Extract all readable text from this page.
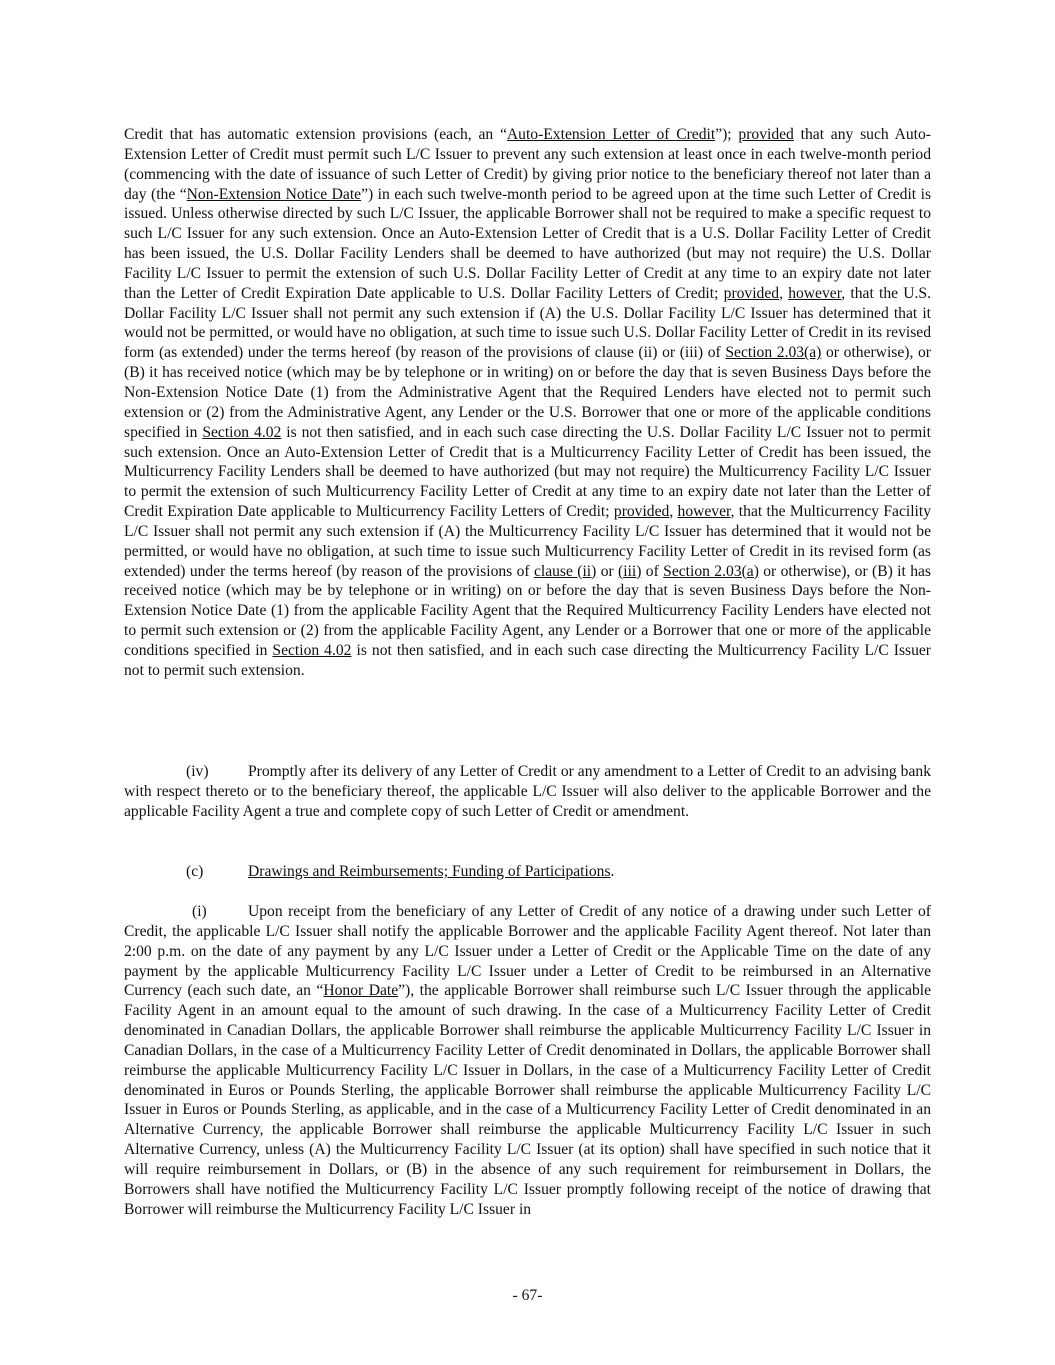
Credit that has automatic extension provisions (each, an “Auto-Extension Letter of Credit”); provided that any such Auto-Extension Letter of Credit must permit such L/C Issuer to prevent any such extension at least once in each twelve-month period (commencing with the date of issuance of such Letter of Credit) by giving prior notice to the beneficiary thereof not later than a day (the “Non-Extension Notice Date”) in each such twelve-month period to be agreed upon at the time such Letter of Credit is issued. Unless otherwise directed by such L/C Issuer, the applicable Borrower shall not be required to make a specific request to such L/C Issuer for any such extension. Once an Auto-Extension Letter of Credit that is a U.S. Dollar Facility Letter of Credit has been issued, the U.S. Dollar Facility Lenders shall be deemed to have authorized (but may not require) the U.S. Dollar Facility L/C Issuer to permit the extension of such U.S. Dollar Facility Letter of Credit at any time to an expiry date not later than the Letter of Credit Expiration Date applicable to U.S. Dollar Facility Letters of Credit; provided, however, that the U.S. Dollar Facility L/C Issuer shall not permit any such extension if (A) the U.S. Dollar Facility L/C Issuer has determined that it would not be permitted, or would have no obligation, at such time to issue such U.S. Dollar Facility Letter of Credit in its revised form (as extended) under the terms hereof (by reason of the provisions of clause (ii) or (iii) of Section 2.03(a) or otherwise), or (B) it has received notice (which may be by telephone or in writing) on or before the day that is seven Business Days before the Non-Extension Notice Date (1) from the Administrative Agent that the Required Lenders have elected not to permit such extension or (2) from the Administrative Agent, any Lender or the U.S. Borrower that one or more of the applicable conditions specified in Section 4.02 is not then satisfied, and in each such case directing the U.S. Dollar Facility L/C Issuer not to permit such extension. Once an Auto-Extension Letter of Credit that is a Multicurrency Facility Letter of Credit has been issued, the Multicurrency Facility Lenders shall be deemed to have authorized (but may not require) the Multicurrency Facility L/C Issuer to permit the extension of such Multicurrency Facility Letter of Credit at any time to an expiry date not later than the Letter of Credit Expiration Date applicable to Multicurrency Facility Letters of Credit; provided, however, that the Multicurrency Facility L/C Issuer shall not permit any such extension if (A) the Multicurrency Facility L/C Issuer has determined that it would not be permitted, or would have no obligation, at such time to issue such Multicurrency Facility Letter of Credit in its revised form (as extended) under the terms hereof (by reason of the provisions of clause (ii) or (iii) of Section 2.03(a) or otherwise), or (B) it has received notice (which may be by telephone or in writing) on or before the day that is seven Business Days before the Non-Extension Notice Date (1) from the applicable Facility Agent that the Required Multicurrency Facility Lenders have elected not to permit such extension or (2) from the applicable Facility Agent, any Lender or a Borrower that one or more of the applicable conditions specified in Section 4.02 is not then satisfied, and in each such case directing the Multicurrency Facility L/C Issuer not to permit such extension.

(iv)	Promptly after its delivery of any Letter of Credit or any amendment to a Letter of Credit to an advising bank with respect thereto or to the beneficiary thereof, the applicable L/C Issuer will also deliver to the applicable Borrower and the applicable Facility Agent a true and complete copy of such Letter of Credit or amendment.

(c)	Drawings and Reimbursements; Funding of Participations.

(i)	Upon receipt from the beneficiary of any Letter of Credit of any notice of a drawing under such Letter of Credit, the applicable L/C Issuer shall notify the applicable Borrower and the applicable Facility Agent thereof. Not later than 2:00 p.m. on the date of any payment by any L/C Issuer under a Letter of Credit or the Applicable Time on the date of any payment by the applicable Multicurrency Facility L/C Issuer under a Letter of Credit to be reimbursed in an Alternative Currency (each such date, an “Honor Date”), the applicable Borrower shall reimburse such L/C Issuer through the applicable Facility Agent in an amount equal to the amount of such drawing. In the case of a Multicurrency Facility Letter of Credit denominated in Canadian Dollars, the applicable Borrower shall reimburse the applicable Multicurrency Facility L/C Issuer in Canadian Dollars, in the case of a Multicurrency Facility Letter of Credit denominated in Dollars, the applicable Borrower shall reimburse the applicable Multicurrency Facility L/C Issuer in Dollars, in the case of a Multicurrency Facility Letter of Credit denominated in Euros or Pounds Sterling, the applicable Borrower shall reimburse the applicable Multicurrency Facility L/C Issuer in Euros or Pounds Sterling, as applicable, and in the case of a Multicurrency Facility Letter of Credit denominated in an Alternative Currency, the applicable Borrower shall reimburse the applicable Multicurrency Facility L/C Issuer in such Alternative Currency, unless (A) the Multicurrency Facility L/C Issuer (at its option) shall have specified in such notice that it will require reimbursement in Dollars, or (B) in the absence of any such requirement for reimbursement in Dollars, the Borrowers shall have notified the Multicurrency Facility L/C Issuer promptly following receipt of the notice of drawing that Borrower will reimburse the Multicurrency Facility L/C Issuer in

- 67-
